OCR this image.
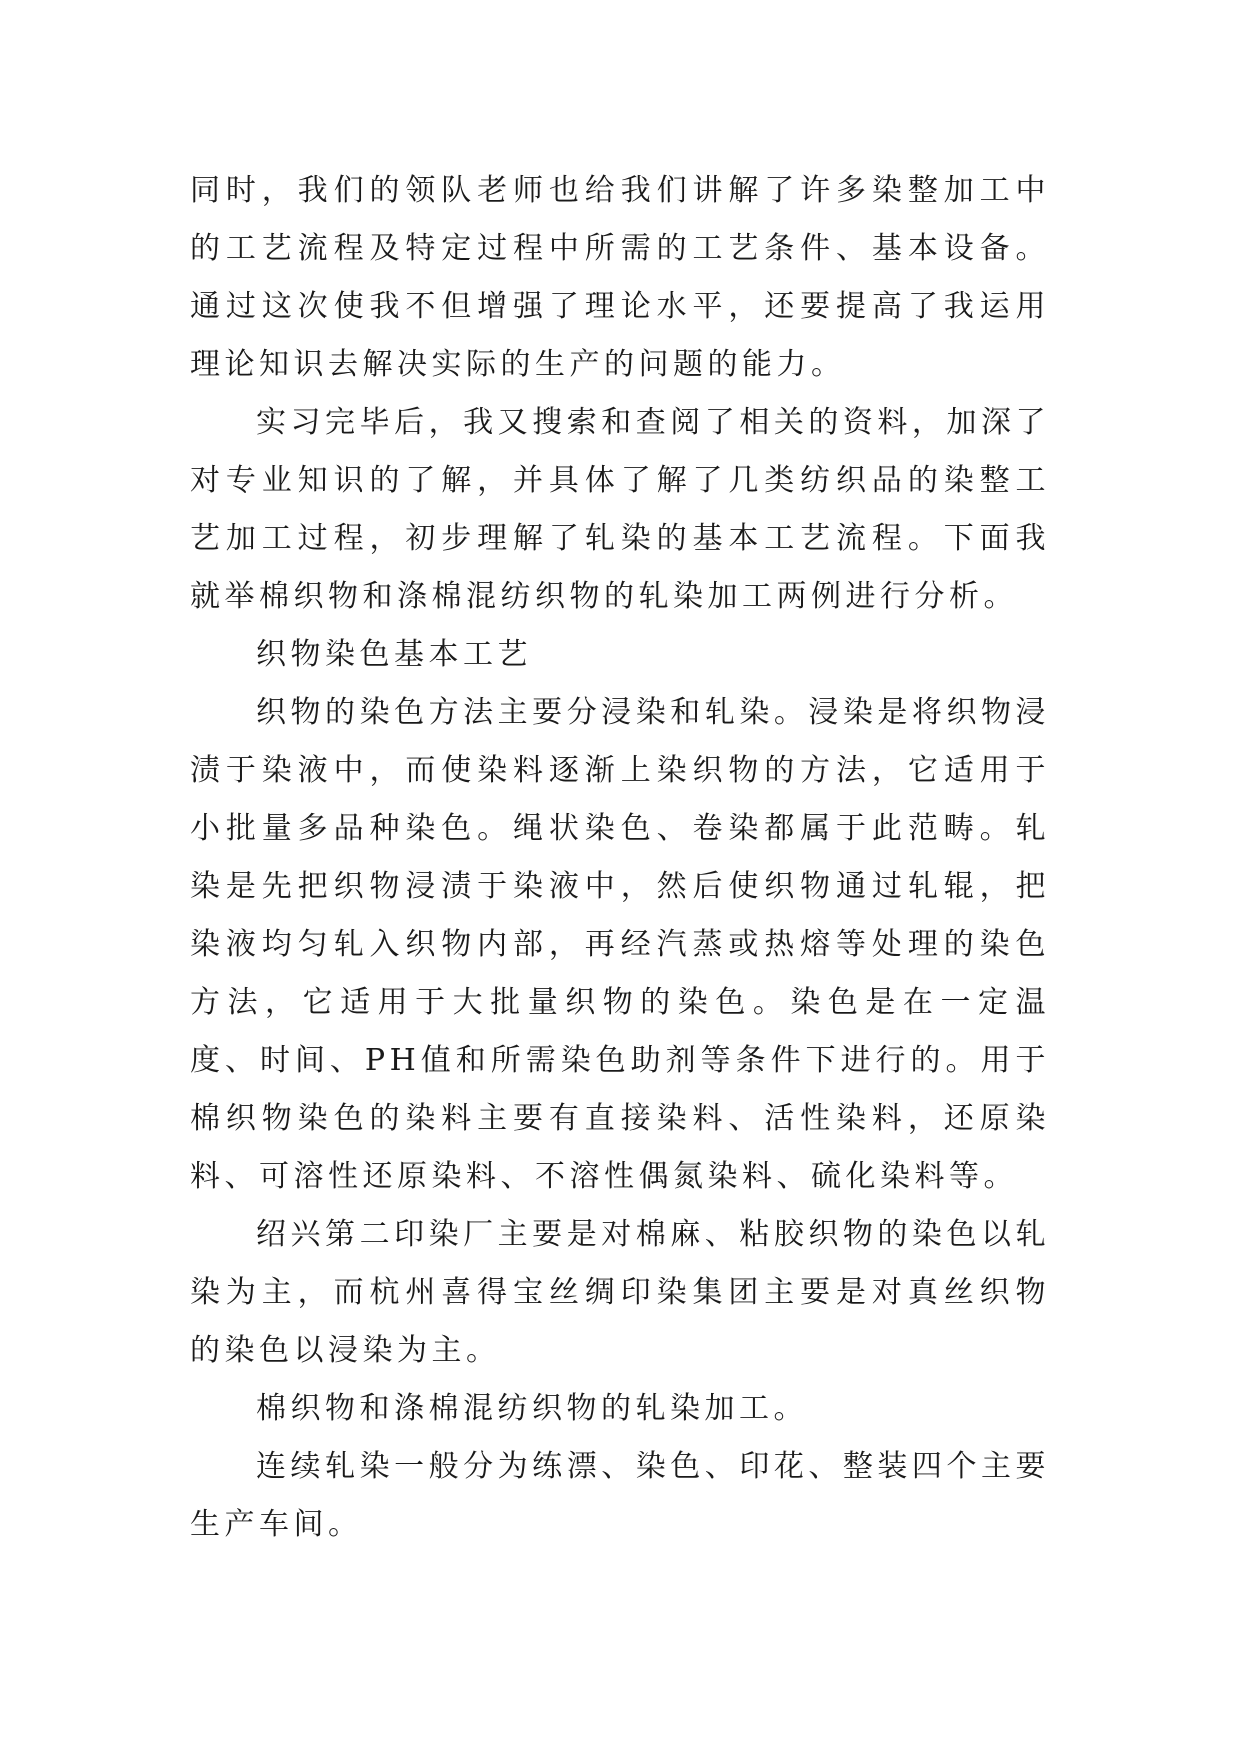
同时，我们的领队老师也给我们讲解了许多染整加工中的工艺流程及特定过程中所需的工艺条件、基本设备。通过这次使我不但增强了理论水平，还要提高了我运用理论知识去解决实际的生产的问题的能力。

实习完毕后，我又搜索和查阅了相关的资料，加深了对专业知识的了解，并具体了解了几类纺织品的染整工艺加工过程，初步理解了轧染的基本工艺流程。下面我就举棉织物和涤棉混纺织物的轧染加工两例进行分析。

织物染色基本工艺

织物的染色方法主要分浸染和轧染。浸染是将织物浸渍于染液中，而使染料逐渐上染织物的方法，它适用于小批量多品种染色。绳状染色、卷染都属于此范畴。轧染是先把织物浸渍于染液中，然后使织物通过轧辊，把染液均匀轧入织物内部，再经汽蒸或热熔等处理的染色方法，它适用于大批量织物的染色。染色是在一定温度、时间、PH值和所需染色助剂等条件下进行的。用于棉织物染色的染料主要有直接染料、活性染料，还原染料、可溶性还原染料、不溶性偶氮染料、硫化染料等。

绍兴第二印染厂主要是对棉麻、粘胶织物的染色以轧染为主，而杭州喜得宝丝绸印染集团主要是对真丝织物的染色以浸染为主。

棉织物和涤棉混纺织物的轧染加工。

连续轧染一般分为练漂、染色、印花、整装四个主要生产车间。
